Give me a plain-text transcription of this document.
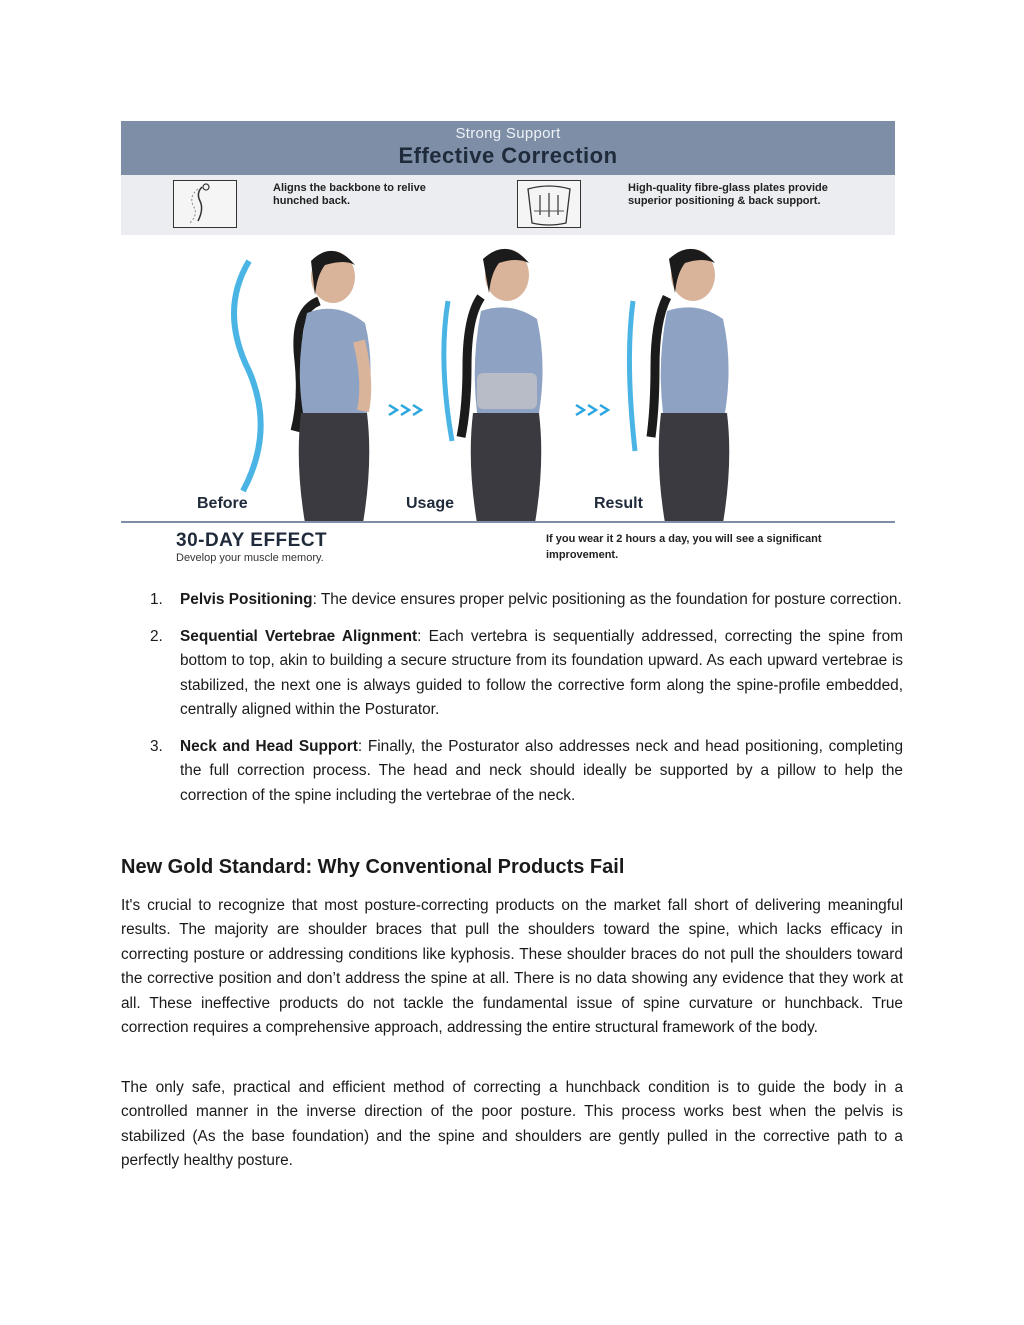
Strong Support
Effective Correction
Aligns the backbone to relive hunched back.
High-quality fibre-glass plates provide superior positioning & back support.
Before	Usage	Result
30-DAY EFFECT
Develop your muscle memory.
If you wear it 2 hours a day, you will see a significant improvement.
1. Pelvis Positioning: The device ensures proper pelvic positioning as the foundation for posture correction.
2. Sequential Vertebrae Alignment: Each vertebra is sequentially addressed, correcting the spine from bottom to top, akin to building a secure structure from its foundation upward. As each upward vertebrae is stabilized, the next one is always guided to follow the corrective form along the spine-profile embedded, centrally aligned within the Posturator.
3. Neck and Head Support: Finally, the Posturator also addresses neck and head positioning, completing the full correction process. The head and neck should ideally be supported by a pillow to help the correction of the spine including the vertebrae of the neck.
New Gold Standard: Why Conventional Products Fail

It's crucial to recognize that most posture-correcting products on the market fall short of delivering meaningful results. The majority are shoulder braces that pull the shoulders toward the spine, which lacks efficacy in correcting posture or addressing conditions like kyphosis. These shoulder braces do not pull the shoulders toward the corrective position and don’t address the spine at all. There is no data showing any evidence that they work at all. These ineffective products do not tackle the fundamental issue of spine curvature or hunchback. True correction requires a comprehensive approach, addressing the entire structural framework of the body.

The only safe, practical and efficient method of correcting a hunchback condition is to guide the body in a controlled manner in the inverse direction of the poor posture. This process works best when the pelvis is stabilized (As the base foundation) and the spine and shoulders are gently pulled in the corrective path to a perfectly healthy posture.
